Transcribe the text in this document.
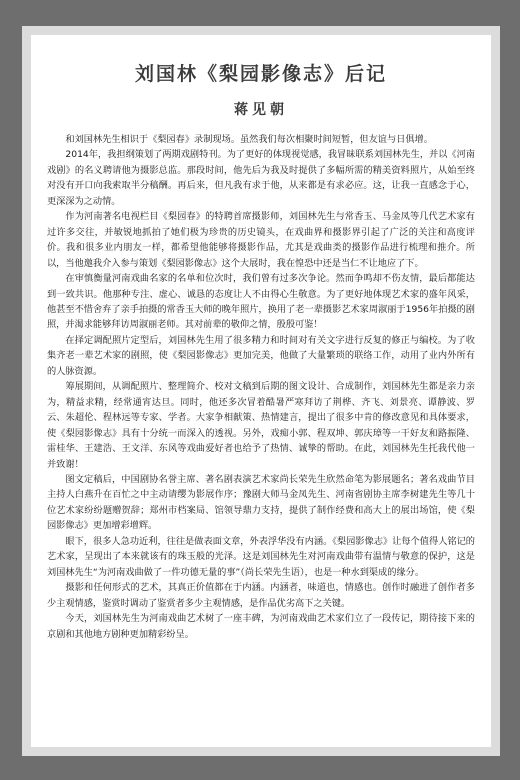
刘国林《梨园影像志》后记
蒋见朝

和刘国林先生相识于《梨园春》录制现场。虽然我们每次相聚时间短暂，但友谊与日俱增。

2014年，我担纲策划了两期戏剧特刊。为了更好的体现视觉感，我冒昧联系刘国林先生，并以《河南戏剧》的名义聘请他为摄影总监。那段时间，他先后为我及时提供了多幅所需的精美资料照片，从始至终对没有开口向我索取半分稿酬。再后来，但凡我有求于他，从来都是有求必应。这，让我一直感念于心，更深深为之动情。

作为河南著名电视栏目《梨园春》的特聘首席摄影师，刘国林先生与常香玉、马金凤等几代艺术家有过许多交往，并敏锐地抓拍了她们极为珍贵的历史镜头，在戏曲界和摄影界引起了广泛的关注和高度评价。我和很多业内朋友一样，都希望他能够将摄影作品，尤其是戏曲类的摄影作品进行梳理和推介。所以，当他邀我介入参与策划《梨园影像志》这个大展时，我在惶恐中还是当仁不让地应了下。

在审慎衡量河南戏曲名家的名单和位次时，我们曾有过多次争论。然而争鸣却不伤友情，最后都能达到一致共识。他那种专注、虚心、诚恳的态度让人不由得心生敬意。为了更好地体现艺术家的盛年风采，他甚至不惜舍弃了亲手拍摄的常香玉大师的晚年照片，换用了老一辈摄影艺术家周淑丽于1956年拍摄的剧照，并渴求能够拜访周淑丽老师。其对前辈的敬仰之情，殷殷可鉴！

在择定调配照片定型后，刘国林先生用了很多精力和时间对有关文字进行反复的修正与编校。为了收集齐老一辈艺术家的剧照，使《梨园影像志》更加完美，他做了大量繁琐的联络工作，动用了业内外所有的人脉资源。

筹展期间，从调配照片、整理简介、校对文稿到后期的图文设计、合成制作，刘国林先生都是亲力亲为，精益求精，经常通宵达旦。同时，他还多次冒着酷暑严寒拜访了荆桦、齐飞、刘景亮、谭静波、罗云、朱超伦、程林远等专家、学者。大家争相献策、热情建言，提出了很多中肯的修改意见和具体要求，使《梨园影像志》具有十分统一而深入的透视。另外，戏痴小郭、程双坤、郭庆璋等一干好友和路振隆、雷桂华、王建浩、王文洋、东风等戏曲爱好者也给予了热情、诚挚的帮助。在此，刘国林先生托我代他一并致谢！

图文定稿后，中国剧协名誉主席、著名剧表演艺术家尚长荣先生欣然命笔为影展题名；著名戏曲节目主持人白燕升在百忙之中主动请缨为影展作序；豫剧大师马金凤先生、河南省剧协主席李树建先生等几十位艺术家纷纷题赠贺辞；郑州市档案局、馆领导鼎力支持，提供了制作经费和高大上的展出场馆，使《梨园影像志》更加增彩增辉。

眼下，很多人急功近利，往往是做表面文章，外表浮华没有内涵。《梨园影像志》让每个值得人铭记的艺术家，呈现出了本来就该有的珠玉般的光泽。这是刘国林先生对河南戏曲带有温情与敬意的保护，这是刘国林先生“为河南戏曲做了一件功德无量的事”（尚长荣先生语），也是一种水到渠成的缘分。

摄影和任何形式的艺术，其真正价值都在于内涵。内涵者，味道也，情感也。创作时融进了创作者多少主观情感，鉴赏时调动了鉴赏者多少主观情感，是作品优劣高下之关键。

今天，刘国林先生为河南戏曲艺术树了一座丰碑，为河南戏曲艺术家们立了一段传记，期待接下来的京剧和其他地方剧种更加精彩纷呈。
